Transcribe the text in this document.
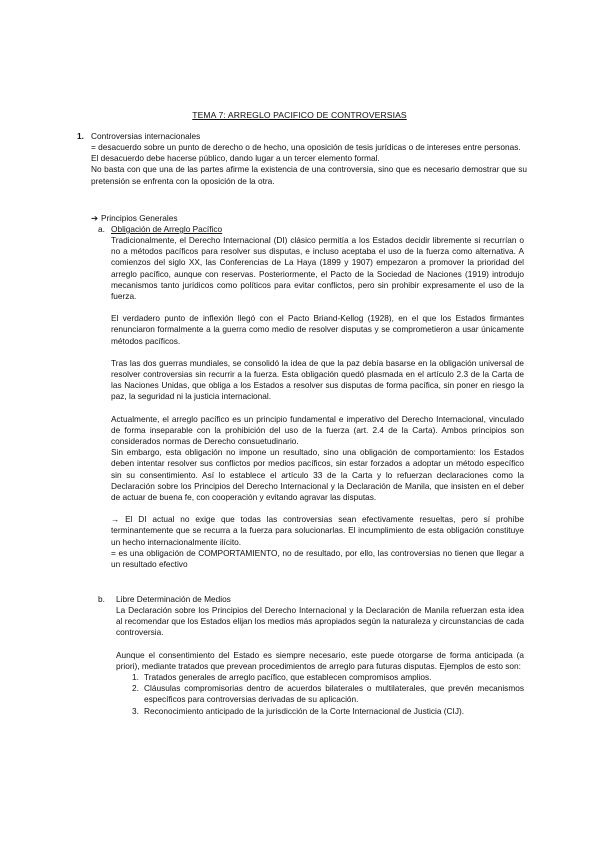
TEMA 7: ARREGLO PACIFICO DE CONTROVERSIAS
1. Controversias internacionales

= desacuerdo sobre un punto de derecho o de hecho, una oposición de tesis jurídicas o de intereses entre personas.

El desacuerdo debe hacerse público, dando lugar a un tercer elemento formal.

No basta con que una de las partes afirme la existencia de una controversia, sino que es necesario demostrar que su pretensión se enfrenta con la oposición de la otra.

➔ Principios Generales
a. Obligación de Arreglo Pacífico

Tradicionalmente, el Derecho Internacional (DI) clásico permitía a los Estados decidir libremente si recurrían o no a métodos pacíficos para resolver sus disputas, e incluso aceptaba el uso de la fuerza como alternativa. A comienzos del siglo XX, las Conferencias de La Haya (1899 y 1907) empezaron a promover la prioridad del arreglo pacífico, aunque con reservas. Posteriormente, el Pacto de la Sociedad de Naciones (1919) introdujo mecanismos tanto jurídicos como políticos para evitar conflictos, pero sin prohibir expresamente el uso de la fuerza.

El verdadero punto de inflexión llegó con el Pacto Briand-Kellog (1928), en el que los Estados firmantes renunciaron formalmente a la guerra como medio de resolver disputas y se comprometieron a usar únicamente métodos pacíficos.

Tras las dos guerras mundiales, se consolidó la idea de que la paz debía basarse en la obligación universal de resolver controversias sin recurrir a la fuerza. Esta obligación quedó plasmada en el artículo 2.3 de la Carta de las Naciones Unidas, que obliga a los Estados a resolver sus disputas de forma pacífica, sin poner en riesgo la paz, la seguridad ni la justicia internacional.

Actualmente, el arreglo pacífico es un principio fundamental e imperativo del Derecho Internacional, vinculado de forma inseparable con la prohibición del uso de la fuerza (art. 2.4 de la Carta). Ambos principios son considerados normas de Derecho consuetudinario.

Sin embargo, esta obligación no impone un resultado, sino una obligación de comportamiento: los Estados deben intentar resolver sus conflictos por medios pacíficos, sin estar forzados a adoptar un método específico sin su consentimiento. Así lo establece el artículo 33 de la Carta y lo refuerzan declaraciones como la Declaración sobre los Principios del Derecho Internacional y la Declaración de Manila, que insisten en el deber de actuar de buena fe, con cooperación y evitando agravar las disputas.

→ El DI actual no exige que todas las controversias sean efectivamente resueltas, pero sí prohíbe terminantemente que se recurra a la fuerza para solucionarlas. El incumplimiento de esta obligación constituye un hecho internacionalmente ilícito.

= es una obligación de COMPORTAMIENTO, no de resultado, por ello, las controversias no tienen que llegar a un resultado efectivo

b. Libre Determinación de Medios

La Declaración sobre los Principios del Derecho Internacional y la Declaración de Manila refuerzan esta idea al recomendar que los Estados elijan los medios más apropiados según la naturaleza y circunstancias de cada controversia.

Aunque el consentimiento del Estado es siempre necesario, este puede otorgarse de forma anticipada (a priori), mediante tratados que prevean procedimientos de arreglo para futuras disputas. Ejemplos de esto son:

1. Tratados generales de arreglo pacífico, que establecen compromisos amplios.
2. Cláusulas compromisorias dentro de acuerdos bilaterales o multilaterales, que prevén mecanismos específicos para controversias derivadas de su aplicación.
3. Reconocimiento anticipado de la jurisdicción de la Corte Internacional de Justicia (CIJ).
